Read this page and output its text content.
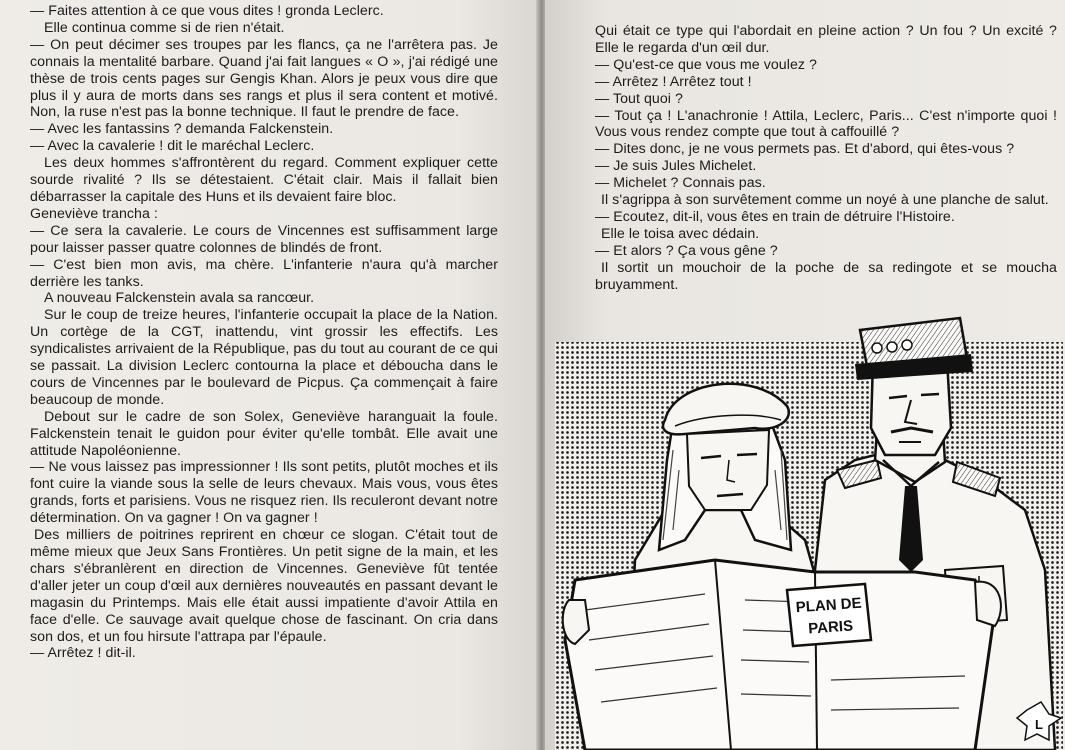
— Faites attention à ce que vous dites ! gronda Leclerc.

Elle continua comme si de rien n'était.

— On peut décimer ses troupes par les flancs, ça ne l'arrêtera pas. Je connais la mentalité barbare. Quand j'ai fait langues « O », j'ai rédigé une thèse de trois cents pages sur Gengis Khan. Alors je peux vous dire que plus il y aura de morts dans ses rangs et plus il sera content et motivé. Non, la ruse n'est pas la bonne technique. Il faut le prendre de face.

— Avec les fantassins ? demanda Falckenstein.

— Avec la cavalerie ! dit le maréchal Leclerc.

Les deux hommes s'affrontèrent du regard. Comment expliquer cette sourde rivalité ? Ils se détestaient. C'était clair. Mais il fallait bien débarrasser la capitale des Huns et ils devaient faire bloc.

Geneviève trancha :

— Ce sera la cavalerie. Le cours de Vincennes est suffisamment large pour laisser passer quatre colonnes de blindés de front.

— C'est bien mon avis, ma chère. L'infanterie n'aura qu'à marcher derrière les tanks.

A nouveau Falckenstein avala sa rancœur.

Sur le coup de treize heures, l'infanterie occupait la place de la Nation. Un cortège de la CGT, inattendu, vint grossir les effectifs. Les syndicalistes arrivaient de la République, pas du tout au courant de ce qui se passait. La division Leclerc contourna la place et déboucha dans le cours de Vincennes par le boulevard de Picpus. Ça commençait à faire beaucoup de monde.

Debout sur le cadre de son Solex, Geneviève haranguait la foule. Falckenstein tenait le guidon pour éviter qu'elle tombât. Elle avait une attitude Napoléonienne.

— Ne vous laissez pas impressionner ! Ils sont petits, plutôt moches et ils font cuire la viande sous la selle de leurs chevaux. Mais vous, vous êtes grands, forts et parisiens. Vous ne risquez rien. Ils reculeront devant notre détermination. On va gagner ! On va gagner !

Des milliers de poitrines reprirent en chœur ce slogan. C'était tout de même mieux que Jeux Sans Frontières. Un petit signe de la main, et les chars s'ébranlèrent en direction de Vincennes. Geneviève fût tentée d'aller jeter un coup d'œil aux dernières nouveautés en passant devant le magasin du Printemps. Mais elle était aussi impatiente d'avoir Attila en face d'elle. Ce sauvage avait quelque chose de fascinant. On cria dans son dos, et un fou hirsute l'attrapa par l'épaule.

— Arrêtez ! dit-il.

Qui était ce type qui l'abordait en pleine action ? Un fou ? Un excité ? Elle le regarda d'un œil dur.

— Qu'est-ce que vous me voulez ?

— Arrêtez ! Arrêtez tout !

— Tout quoi ?

— Tout ça ! L'anachronie ! Attila, Leclerc, Paris... C'est n'importe quoi ! Vous vous rendez compte que tout à caffouillé ?

— Dites donc, je ne vous permets pas. Et d'abord, qui êtes-vous ?

— Je suis Jules Michelet.

— Michelet ? Connais pas.

Il s'agrippa à son survêtement comme un noyé à une planche de salut.

— Ecoutez, dit-il, vous êtes en train de détruire l'Histoire.

Elle le toisa avec dédain.

— Et alors ? Ça vous gêne ?

Il sortit un mouchoir de la poche de sa redingote et se moucha bruyamment.

PLAN DE
PARIS
L
